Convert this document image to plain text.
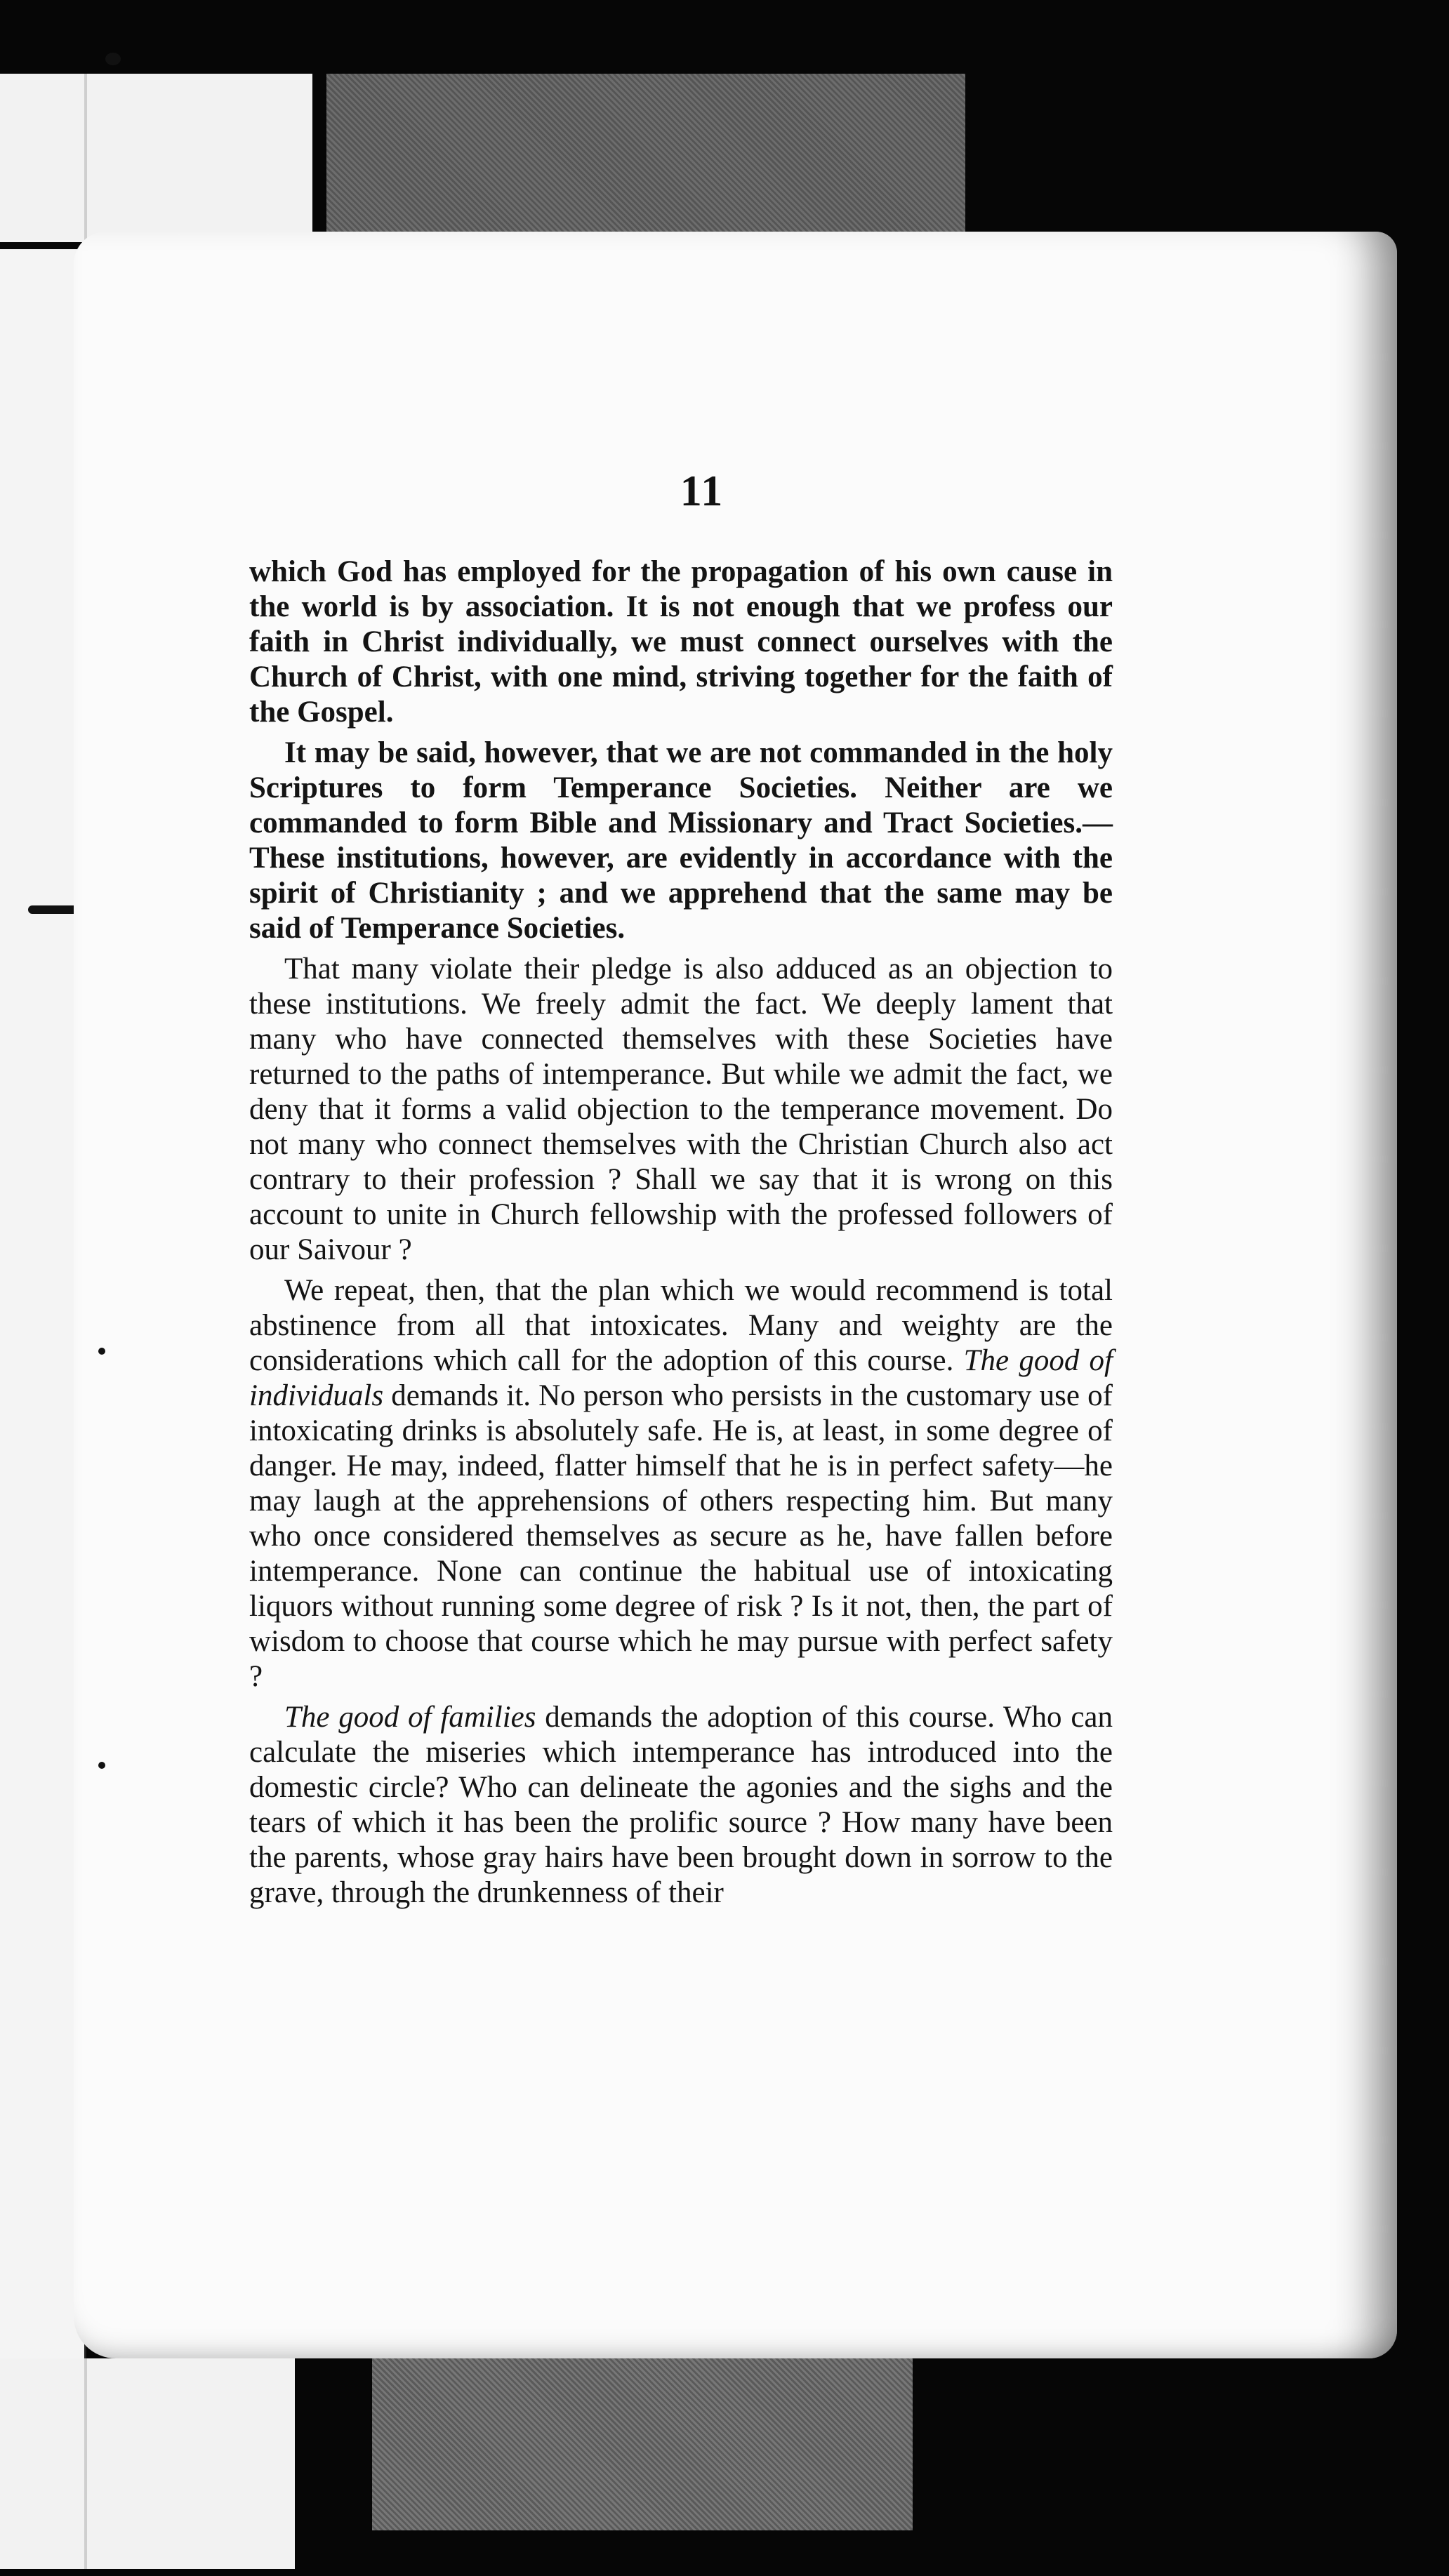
11

which God has employed for the propagation of his own cause in the world is by association. It is not enough that we profess our faith in Christ individually, we must connect ourselves with the Church of Christ, with one mind, striving together for the faith of the Gospel.

It may be said, however, that we are not commanded in the holy Scriptures to form Temperance Societies. Neither are we commanded to form Bible and Missionary and Tract Societies.—These institutions, however, are evidently in accordance with the spirit of Christianity ; and we apprehend that the same may be said of Temperance Societies.

That many violate their pledge is also adduced as an objection to these institutions. We freely admit the fact. We deeply lament that many who have connected themselves with these Societies have returned to the paths of intemperance. But while we admit the fact, we deny that it forms a valid objection to the temperance movement. Do not many who connect themselves with the Christian Church also act contrary to their profession ? Shall we say that it is wrong on this account to unite in Church fellowship with the professed followers of our Saivour ?

We repeat, then, that the plan which we would recommend is total abstinence from all that intoxicates. Many and weighty are the considerations which call for the adoption of this course. The good of individuals demands it. No person who persists in the customary use of intoxicating drinks is absolutely safe. He is, at least, in some degree of danger. He may, indeed, flatter himself that he is in perfect safety—he may laugh at the apprehensions of others respecting him. But many who once considered themselves as secure as he, have fallen before intemperance. None can continue the habitual use of intoxicating liquors without running some degree of risk ? Is it not, then, the part of wisdom to choose that course which he may pursue with perfect safety ?

The good of families demands the adoption of this course. Who can calculate the miseries which intemperance has introduced into the domestic circle? Who can delineate the agonies and the sighs and the tears of which it has been the prolific source ? How many have been the parents, whose gray hairs have been brought down in sorrow to the grave, through the drunkenness of their
